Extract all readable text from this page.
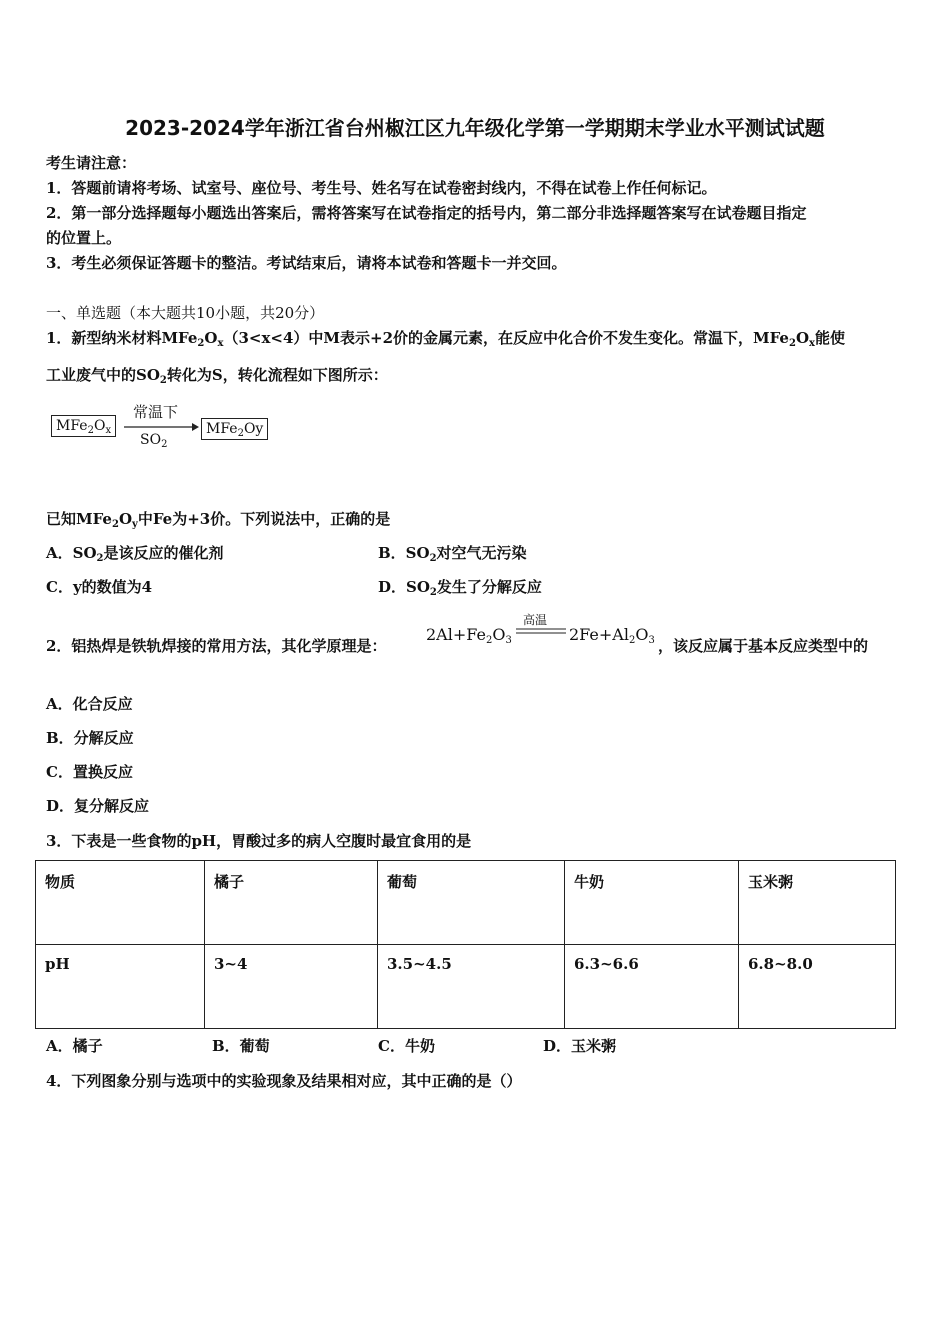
2023-2024学年浙江省台州椒江区九年级化学第一学期期末学业水平测试试题
考生请注意：
1．答题前请将考场、试室号、座位号、考生号、姓名写在试卷密封线内，不得在试卷上作任何标记。
2．第一部分选择题每小题选出答案后，需将答案写在试卷指定的括号内，第二部分非选择题答案写在试卷题目指定
的位置上。
3．考生必须保证答题卡的整洁。考试结束后，请将本试卷和答题卡一并交回。
一、单选题（本大题共10小题，共20分）
1．新型纳米材料$MFe_2O_x(3<x<4)$中M表示+2价的金属元素，在反应中化合价不发生变化。常温下，$MFe_2O_x$能使
工业废气中的$SO_2$转化为S，转化流程如下图所示：
$MFe_2O_x$
常温下
$SO_2$
MFe$_2$Oy
已知$MFe_2O_y$中Fe为+3价。下列说法中，正确的是
A．$SO_2$是该反应的催化剂	B．$SO_2$对空气无污染
C．y的数值为4	D．$SO_2$发生了分解反应
2．铝热焊是铁轨焊接的常用方法，其化学原理是：
$2Al+Fe_2O_3$
高温
$2Fe+Al_2O_3$ ，该反应属于基本反应类型中的
A．化合反应
B．分解反应
C．置换反应
D．复分解反应
3．下表是一些食物的pH，胃酸过多的病人空腹时最宜食用的是
物质	橘子	葡萄	牛奶	玉米粥
pH	3~4	3.5~4.5	6.3~6.6	6.8~8.0
A．橘子	B．葡萄	C．牛奶	D．玉米粥
4．下列图象分别与选项中的实验现象及结果相对应，其中正确的是（）
